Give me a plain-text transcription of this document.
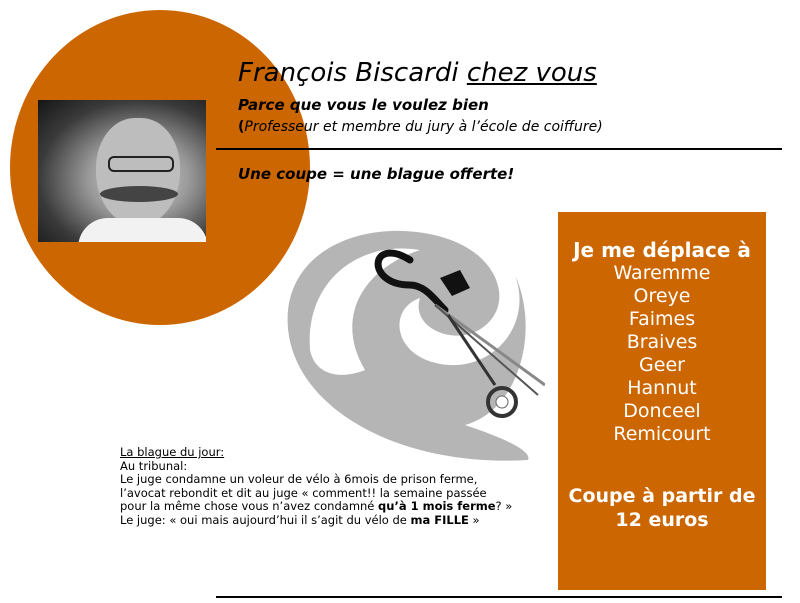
François Biscardi chez vous

Parce que vous le voulez bien

(Professeur et membre du jury à l’école de coiffure)

Une coupe = une blague offerte!

La blague du jour:
Au tribunal:
Le juge condamne un voleur de vélo à 6mois de prison ferme,
l’avocat rebondit et dit au juge « comment!! la semaine passée
pour la même chose vous n’avez condamné qu’à 1 mois ferme? »
Le juge: « oui mais aujourd’hui il s’agit du vélo de ma FILLE »
Je me déplace à
Waremme
Oreye
Faimes
Braives
Geer
Hannut
Donceel
Remicourt
Coupe à partir de
12 euros
